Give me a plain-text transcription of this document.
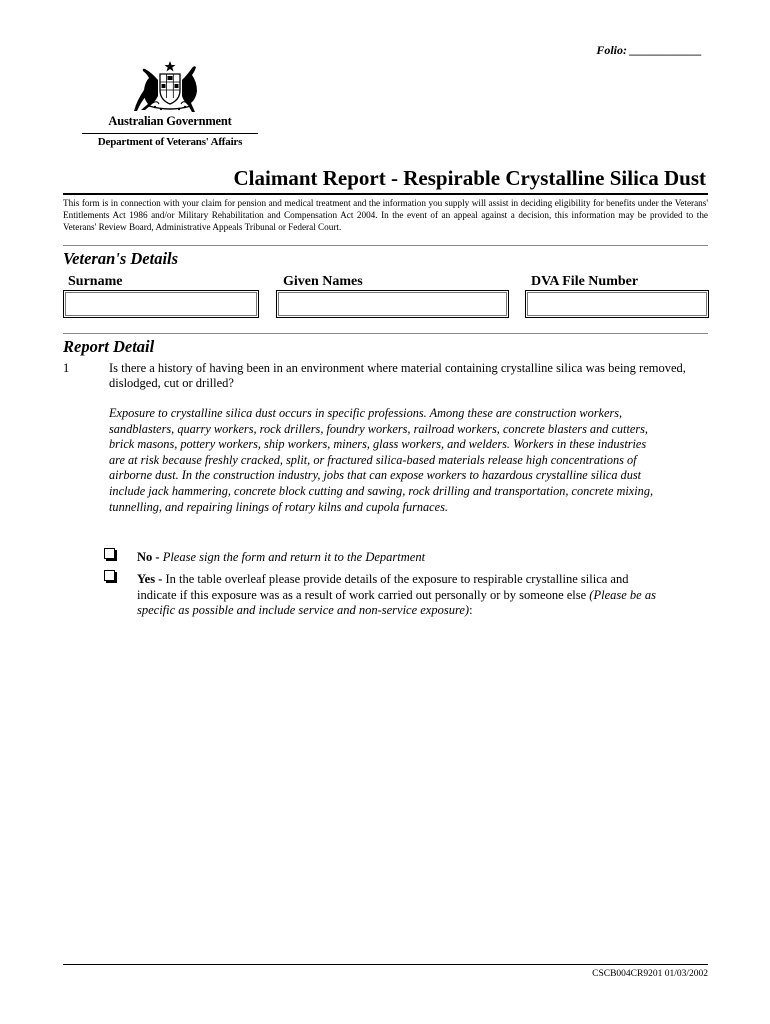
Folio: ____________
Australian Government
Department of Veterans' Affairs
Claimant Report - Respirable Crystalline Silica Dust
This form is in connection with your claim for pension and medical treatment and the information you supply will assist in deciding eligibility for benefits under the Veterans' Entitlements Act 1986 and/or Military Rehabilitation and Compensation Act 2004. In the event of an appeal against a decision, this information may be provided to the Veterans' Review Board, Administrative Appeals Tribunal or Federal Court.
Veteran's Details
Surname	Given Names	DVA File Number
Report Detail
1	Is there a history of having been in an environment where material containing crystalline silica was being removed, dislodged, cut or drilled?
Exposure to crystalline silica dust occurs in specific professions. Among these are construction workers, sandblasters, quarry workers, rock drillers, foundry workers, railroad workers, concrete blasters and cutters, brick masons, pottery workers, ship workers, miners, glass workers, and welders. Workers in these industries are at risk because freshly cracked, split, or fractured silica-based materials release high concentrations of airborne dust. In the construction industry, jobs that can expose workers to hazardous crystalline silica dust include jack hammering, concrete block cutting and sawing, rock drilling and transportation, concrete mixing, tunnelling, and repairing linings of rotary kilns and cupola furnaces.
No - Please sign the form and return it to the Department
Yes - In the table overleaf please provide details of the exposure to respirable crystalline silica and indicate if this exposure was as a result of work carried out personally or by someone else (Please be as specific as possible and include service and non-service exposure):
CSCB004CR9201 01/03/2002
